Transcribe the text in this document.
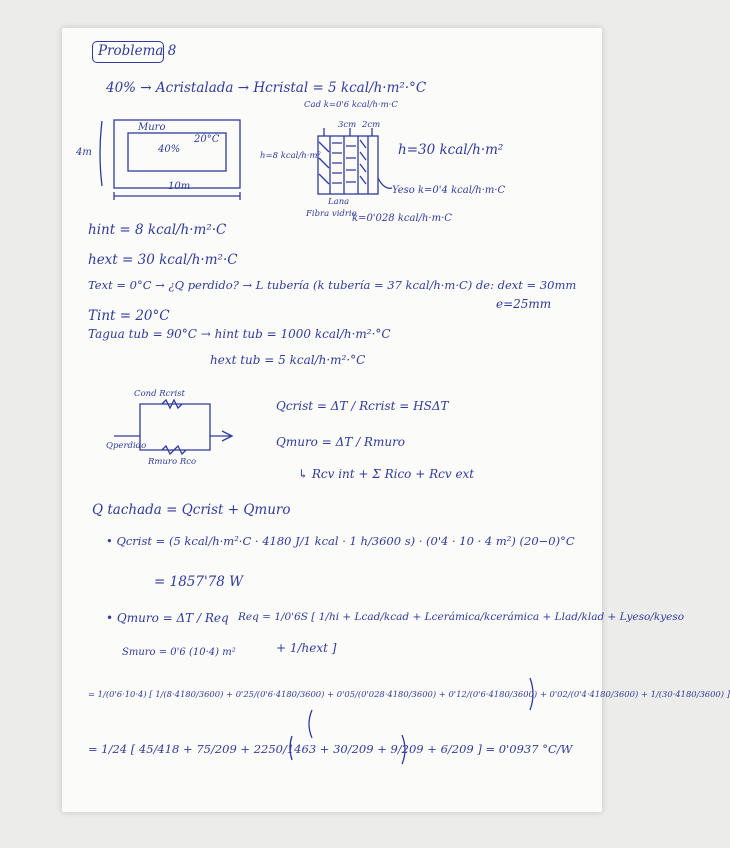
Problema 8
40% → Acristalada → Hcristal = 5 kcal/h·m²·°C
Muro
40%
20°C
4m
10m
Cad k=0'6 kcal/h·m·C
3cm 2cm
h=8 kcal/h·m²	h=30 kcal/h·m²
Yeso k=0'4 kcal/h·m·C
Lana
k=0'028 kcal/h·m·C
Fibra vidrio
hint = 8 kcal/h·m²·C
hext = 30 kcal/h·m²·C
Text = 0°C → ¿Q perdido? → L tubería (k tubería = 37 kcal/h·m·C) de: dext = 30mm
e=25mm
Tint = 20°C
Tagua tub = 90°C → hint tub = 1000 kcal/h·m²·°C
hext tub = 5 kcal/h·m²·°C
Cond Rcrist
Qperdido
Rmuro Rco
Qcrist = ΔT / Rcrist = HSΔT
Qmuro = ΔT / Rmuro
↳ Rcv int + Σ Rico + Rcv ext
Q tachada = Qcrist + Qmuro
• Qcrist = (5 kcal/h·m²·C · 4180 J/1 kcal · 1 h/3600 s) · (0'4 · 10 · 4 m²) (20−0)°C
= 1857'78 W
• Qmuro = ΔT / Req Req = 1/0'6S [ 1/hi + Lcad/kcad + Lcerámica/kcerámica + Llad/klad + Lyeso/kyeso
+ 1/hext ]
Smuro = 0'6 (10·4) m²
= 1/(0'6·10·4) [ 1/(8·4180/3600) + 0'25/(0'6·4180/3600) + 0'05/(0'028·4180/3600) + 0'12/(0'6·4180/3600) + 0'02/(0'4·4180/3600) + 1/(30·4180/3600) ]
= 1/24 [ 45/418 + 75/209 + 2250/1463 + 30/209 + 9/209 + 6/209 ] = 0'0937 °C/W
